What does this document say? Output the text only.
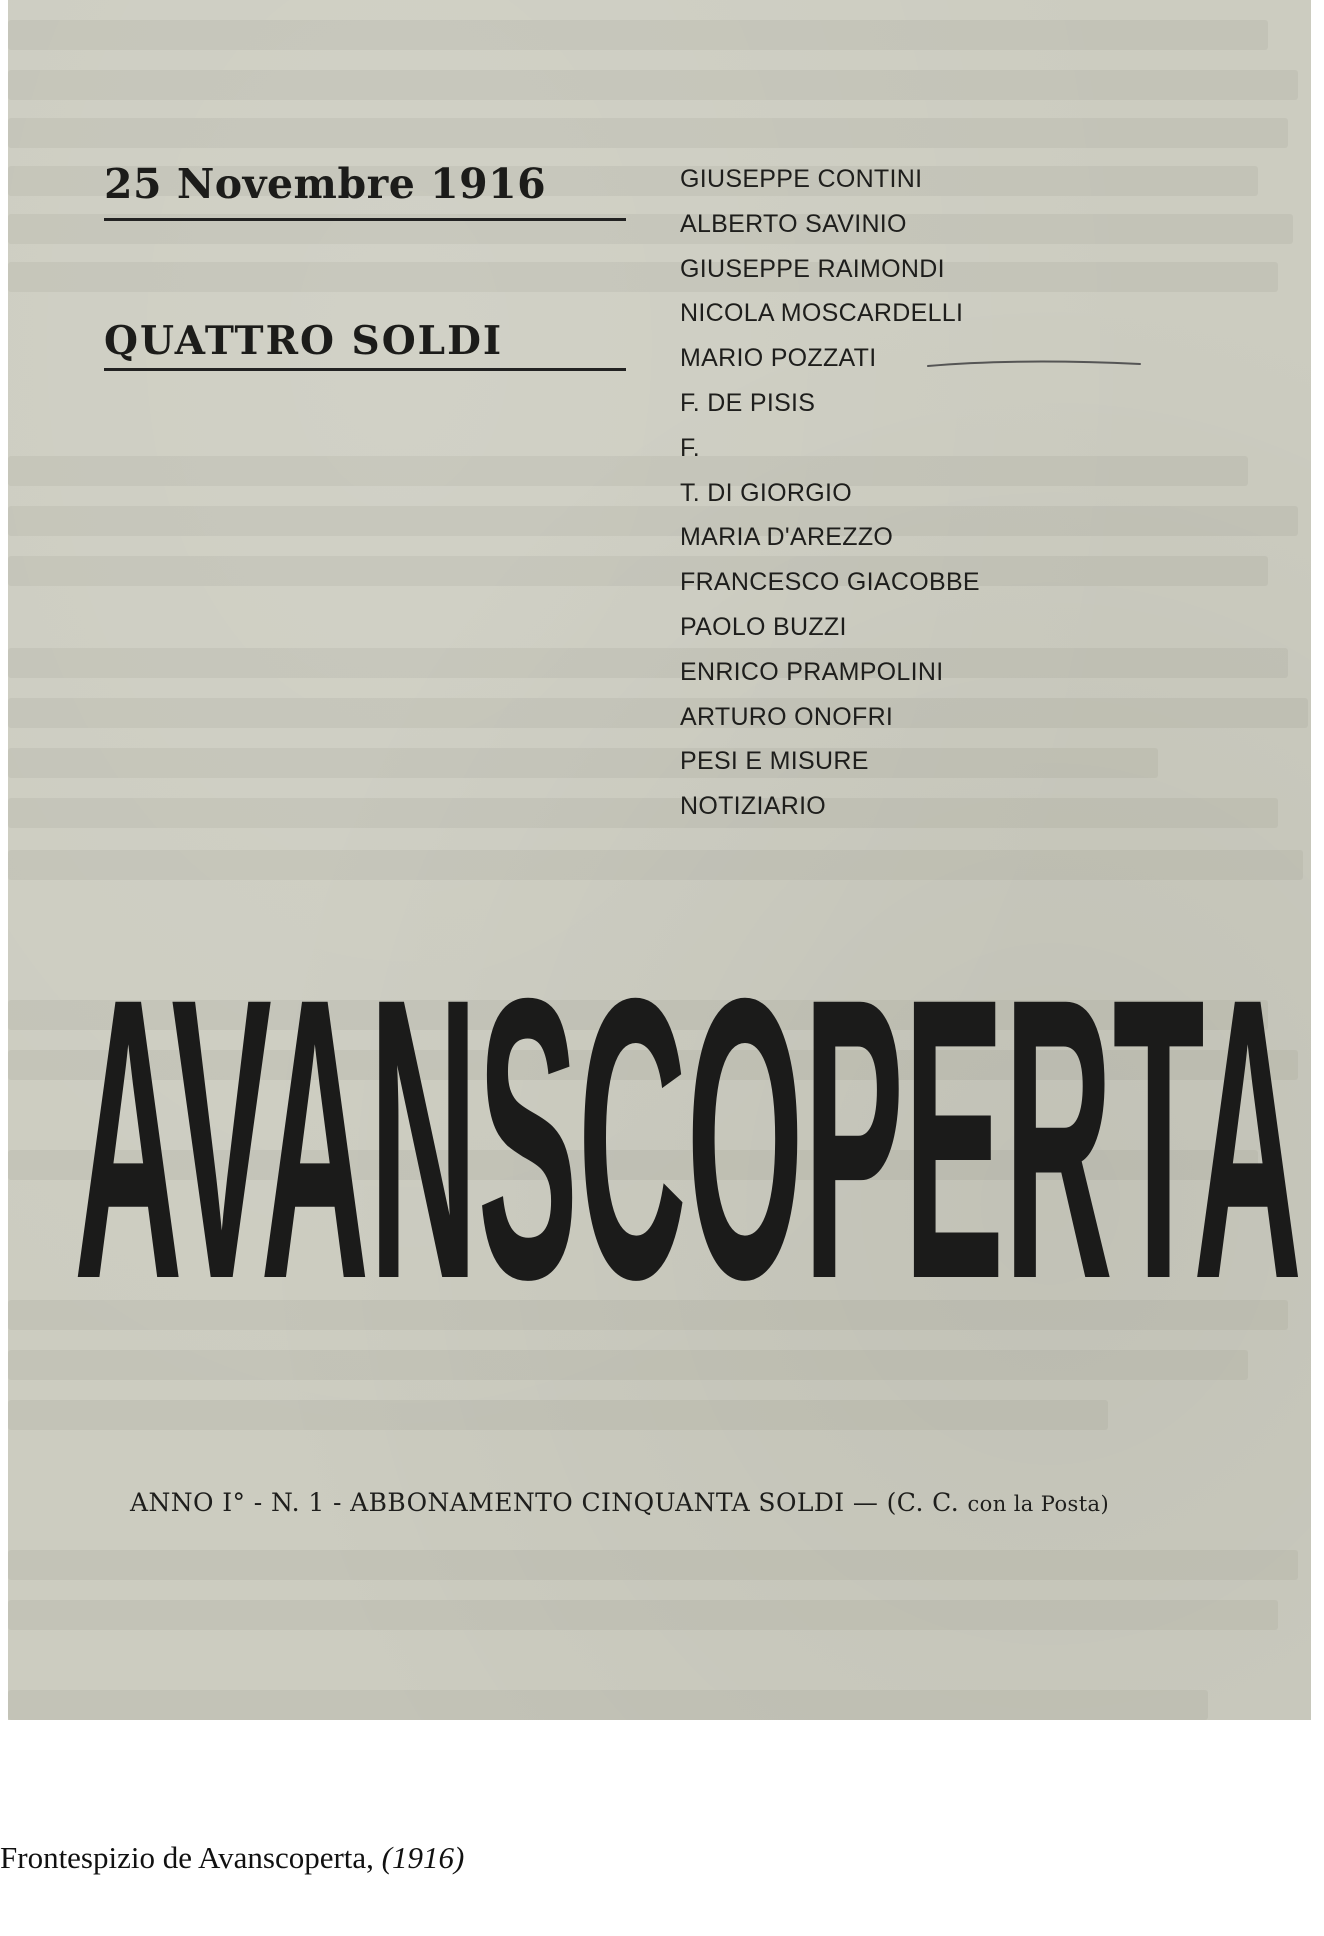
25 Novembre 1916
QUATTRO SOLDI
GIUSEPPE CONTINI
ALBERTO SAVINIO
GIUSEPPE RAIMONDI
NICOLA MOSCARDELLI
MARIO POZZATI
F. DE PISIS
F.
T. DI GIORGIO
MARIA D'AREZZO
FRANCESCO GIACOBBE
PAOLO BUZZI
ENRICO PRAMPOLINI
ARTURO ONOFRI
PESI E MISURE
NOTIZIARIO
AVANSCOPERTA
ANNO I° - N. 1 - ABBONAMENTO CINQUANTA SOLDI — (C. C. con la Posta)
Frontespizio de Avanscoperta, (1916)
